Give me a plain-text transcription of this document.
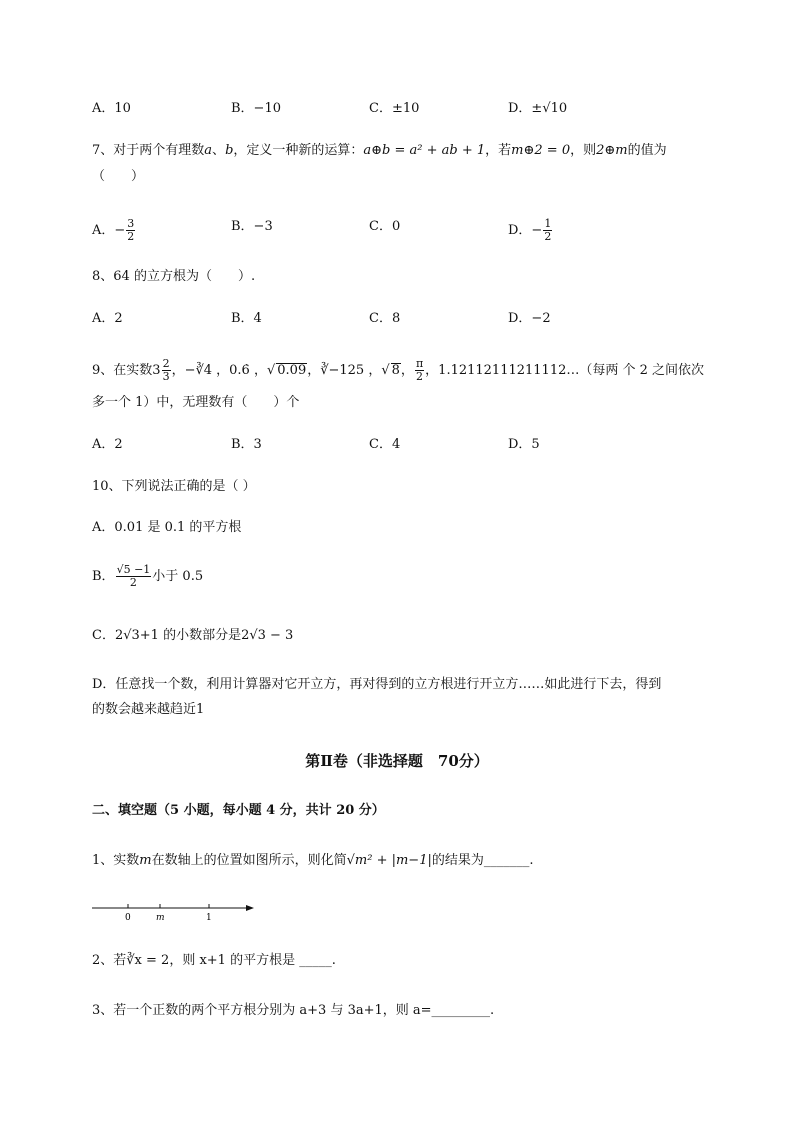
A．10	B．−10	C．±10	D．±√10
7、对于两个有理数a、b，定义一种新的运算：a⊕b = a² + ab + 1，若m⊕2 = 0，则2⊕m的值为
（　　）
A．− $\frac{3}{2}$	B．−3	C．0	D．− $\frac{1}{2}$
8、64 的立方根为（　　）.
A．2	B．4	C．8	D．−2
9、在实数$3 \frac{2}{3}$ ，−∛4 ，0.6̇ ，√ 0.09，∛−125 ，√ 8， $\frac{\pi}{2}$ ，1.12112111211112…（每两 个 2 之间依次
多一个 1）中，无理数有（　　）个
A．2	B．3	C．4	D．5
10、下列说法正确的是（ ）
A．0.01 是 0.1 的平方根
B． $\frac{√5 -1}{2}$ 小于 0.5
C．2√3+1 的小数部分是2√3 − 3
D．任意找一个数，利用计算器对它开立方，再对得到的立方根进行开立方……如此进行下去，得到
的数会越来越趋近1
第Ⅱ卷（非选择题　70分）
二、填空题（5 小题，每小题 4 分，共计 20 分）
1、实数m在数轴上的位置如图所示，则化简√m² + |m−1|的结果为_______.
0	m	1
2、若∛x = 2，则 x+1 的平方根是 _____.
3、若一个正数的两个平方根分别为 a+3 与 3a+1，则 a=_________.
